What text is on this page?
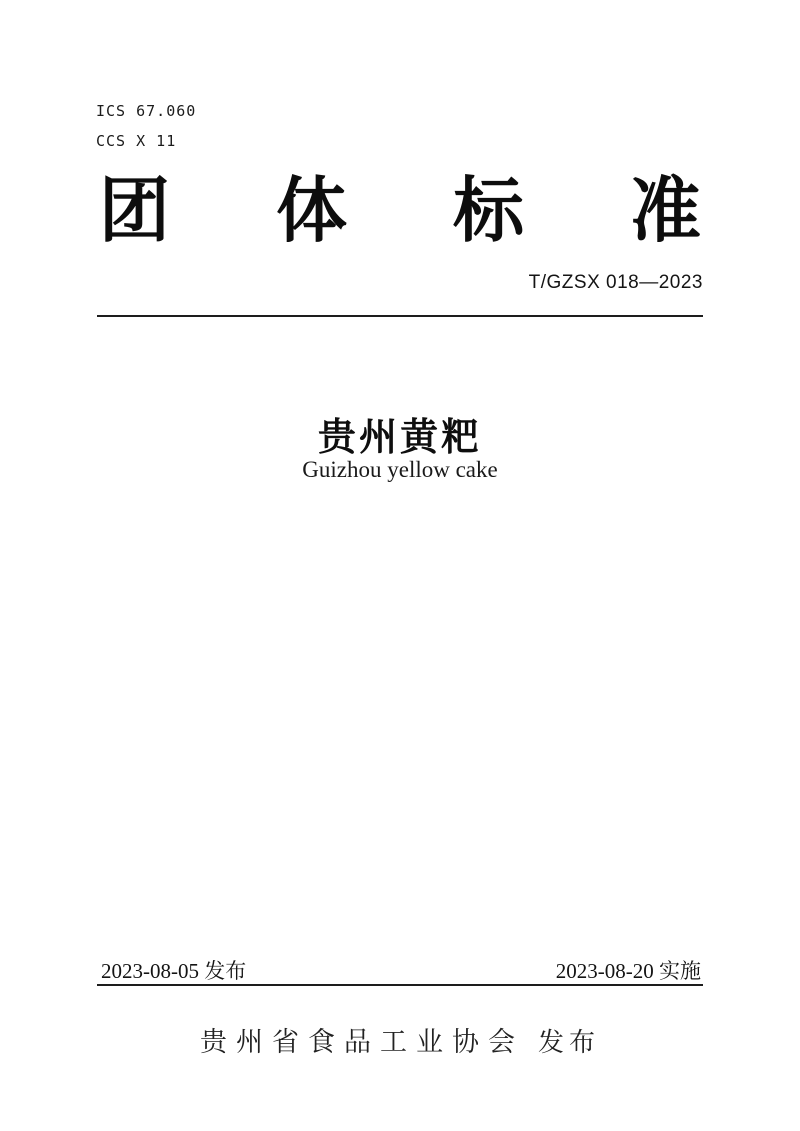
ICS 67.060
CCS X 11
团 体 标 准
T/GZSX 018—2023
贵州黄粑
Guizhou yellow cake
2023-08-05 发布	2023-08-20 实施
贵州省食品工业协会 发布
